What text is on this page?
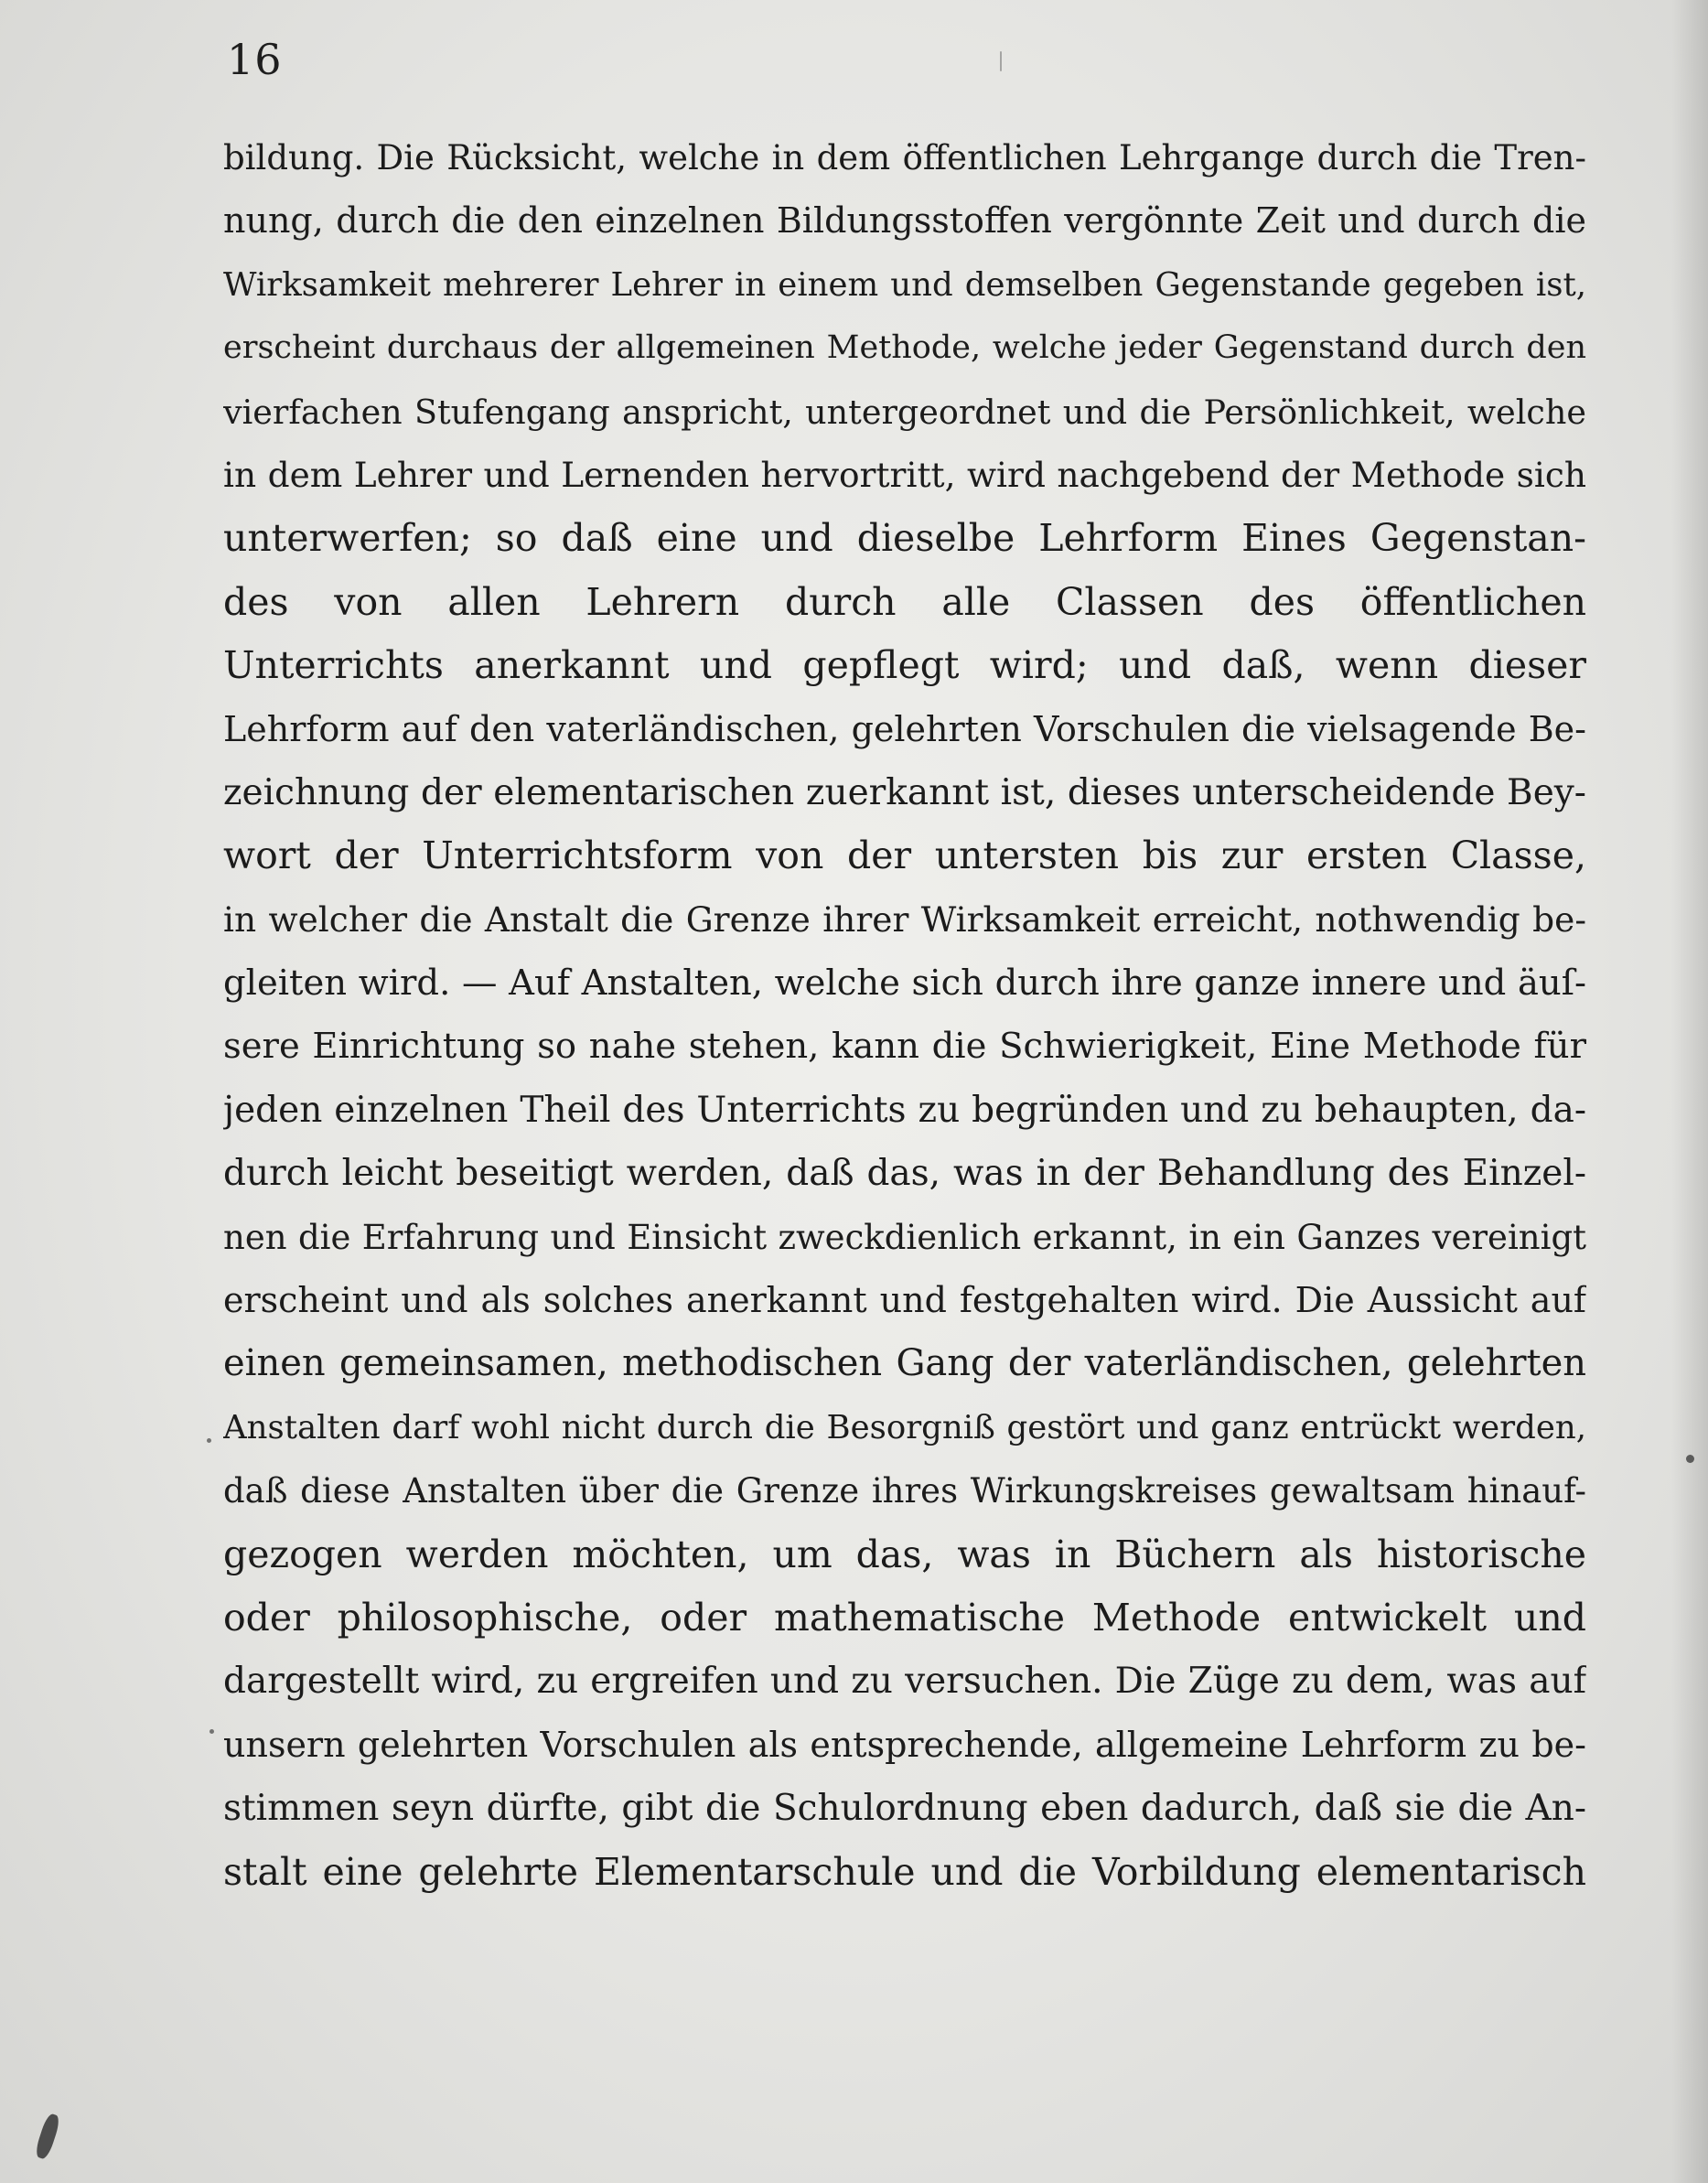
16
bildung. Die Rücksicht, welche in dem öffentlichen Lehrgange durch die Tren-
nung, durch die den einzelnen Bildungsstoffen vergönnte Zeit und durch die
Wirksamkeit mehrerer Lehrer in einem und demselben Gegenstande gegeben ist,
erscheint durchaus der allgemeinen Methode, welche jeder Gegenstand durch den
vierfachen Stufengang anspricht, untergeordnet und die Persönlichkeit, welche
in dem Lehrer und Lernenden hervortritt, wird nachgebend der Methode sich
unterwerfen; so daß eine und dieselbe Lehrform Eines Gegenstan-
des von allen Lehrern durch alle Classen des öffentlichen
Unterrichts anerkannt und gepflegt wird; und daß, wenn dieser
Lehrform auf den vaterländischen, gelehrten Vorschulen die vielsagende Be-
zeichnung der elementarischen zuerkannt ist, dieses unterscheidende Bey-
wort der Unterrichtsform von der untersten bis zur ersten Classe,
in welcher die Anstalt die Grenze ihrer Wirksamkeit erreicht, nothwendig be-
gleiten wird. — Auf Anstalten, welche sich durch ihre ganze innere und äuſ-
sere Einrichtung so nahe stehen, kann die Schwierigkeit, Eine Methode für
jeden einzelnen Theil des Unterrichts zu begründen und zu behaupten, da-
durch leicht beseitigt werden, daß das, was in der Behandlung des Einzel-
nen die Erfahrung und Einsicht zweckdienlich erkannt, in ein Ganzes vereinigt
erscheint und als solches anerkannt und festgehalten wird. Die Aussicht auf
einen gemeinsamen, methodischen Gang der vaterländischen, gelehrten
Anstalten darf wohl nicht durch die Besorgniß gestört und ganz entrückt werden,
daß diese Anstalten über die Grenze ihres Wirkungskreises gewaltsam hinauf-
gezogen werden möchten, um das, was in Büchern als historische
oder philosophische, oder mathematische Methode entwickelt und
dargestellt wird, zu ergreifen und zu versuchen. Die Züge zu dem, was auf
unsern gelehrten Vorschulen als entsprechende, allgemeine Lehrform zu be-
stimmen seyn dürfte, gibt die Schulordnung eben dadurch, daß sie die An-
stalt eine gelehrte Elementarschule und die Vorbildung elementarisch
